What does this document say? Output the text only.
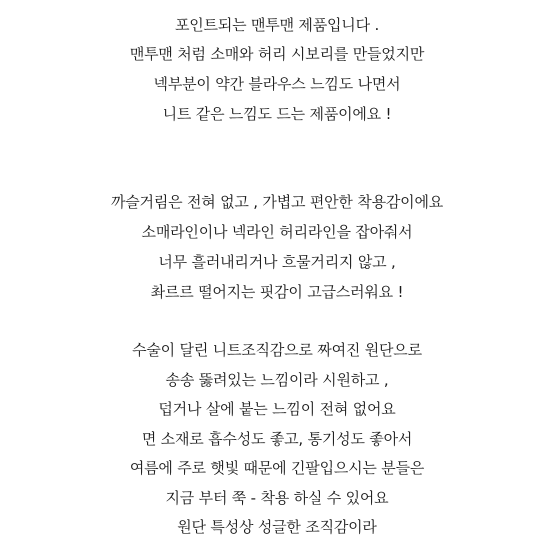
포인트되는 맨투맨 제품입니다 .
맨투맨 처럼 소매와 허리 시보리를 만들었지만
넥부분이 약간 블라우스 느낌도 나면서
니트 같은 느낌도 드는 제품이에요 !
까슬거림은 전혀 없고 , 가볍고 편안한 착용감이에요
소매라인이나 넥라인 허리라인을 잡아줘서
너무 흘러내리거나 흐물거리지 않고 ,
촤르르 떨어지는 핏감이 고급스러워요 !
수술이 달린 니트조직감으로 짜여진 원단으로
송송 뚫려있는 느낌이라 시원하고 ,
덥거나 살에 붙는 느낌이 전혀 없어요
면 소재로 흡수성도 좋고, 통기성도 좋아서
여름에 주로 햇빛 때문에 긴팔입으시는 분들은
지금 부터 쭉 - 착용 하실 수 있어요
원단 특성상 성글한 조직감이라
